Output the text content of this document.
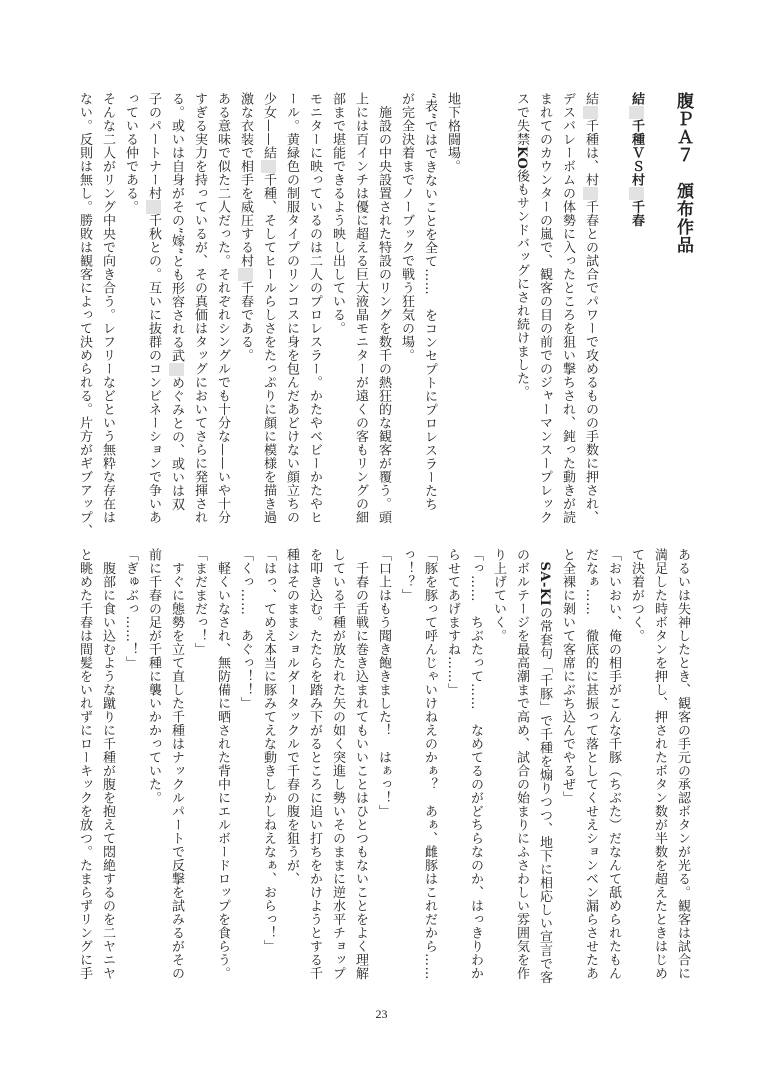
腹ＰＡ７　頒布作品
結千種ＶＳ村千春
結千種は、村千春との試合でパワーで攻めるものの手数に押され、
デスバレーボムの体勢に入ったところを狙い撃ちされ、鈍った動きが読
まれてのカウンターの嵐で、観客の目の前でのジャーマンスープレック
スで失禁KO後もサンドバッグにされ続けました。
地下格闘場。
“表”ではできないことを全て……　をコンセプトにプロレスラーたち
が完全決着までノーブックで戦う狂気の場。
　施設の中央設置された特設のリングを数千の熱狂的な観客が覆う。頭
上には百インチは優に超える巨大液晶モニターが遠くの客もリングの細
部まで堪能できるよう映し出している。
モニターに映っているのは二人のプロレスラー。かたやベビーかたやヒ
ール。黄緑色の制服タイプのリンコスに身を包んだあどけない顔立ちの
少女——結千種、そしてヒールらしさをたっぷりに顔に模様を描き過
激な衣装で相手を威圧する村千春である。
ある意味で似た二人だった。それぞれシングルでも十分な——いや十分
すぎる実力を持っているが、その真価はタッグにおいてさらに発揮され
る。或いは自身がその”嫁”とも形容される武めぐみとの、或いは双
子のパートナー村千秋との。互いに抜群のコンビネーションで争いあ
っている仲である。
そんな二人がリング中央で向き合う。レフリーなどという無粋な存在は
ない。反則は無し。勝敗は観客によって決められる。片方がギブアップ、
あるいは失神したとき、観客の手元の承認ボタンが光る。観客は試合に
満足した時ボタンを押し、押されたボタン数が半数を超えたときはじめ
て決着がつく。
「おいおい、俺の相手がこんな千豚（ちぶた）だなんて舐められたもん
だなぁ……　徹底的に甚振って落としてくせえションベン漏らさせたあ
と全裸に剝いて客席にぶち込んでやるぜ」
　SA-KIの常套句「千豚」で千種を煽りつつ、地下に相応しい宣言で客
のボルテージを最高潮まで高め、試合の始まりにふさわしい雰囲気を作
り上げていく。
「っ……　ちぶたって……　なめてるのがどちらなのか、はっきりわか
らせてあげますね……」
「豚を豚って呼んじゃいけねえのかぁ？　あぁ、雌豚はこれだから……
っ！？」
「口上はもう聞き飽きました！　はぁっ！」
　千春の舌戦に巻き込まれてもいいことはひとつもないことをよく理解
している千種が放たれた矢の如く突進し勢いそのままに逆水平チョップ
を叩き込む。たたらを踏み下がるところに追い打ちをかけようとする千
種はそのままショルダータックルで千春の腹を狙うが、
「はっ、てめえ本当に豚みてえな動きしかしねえなぁ、おらっ！」
「くっ……　あぐっ！！」
　軽くいなされ、無防備に晒された背中にエルボードロップを食らう。
「まだまだっ！」
　すぐに態勢を立て直した千種はナックルパートで反撃を試みるがその
前に千春の足が千種に襲いかかっていた。
「ぎゅぶっ……！」
　腹部に食い込むような蹴りに千種が腹を抱えて悶絶するのを二ヤニヤ
と眺めた千春は間髪をいれずにローキックを放つ。たまらずリングに手
23
